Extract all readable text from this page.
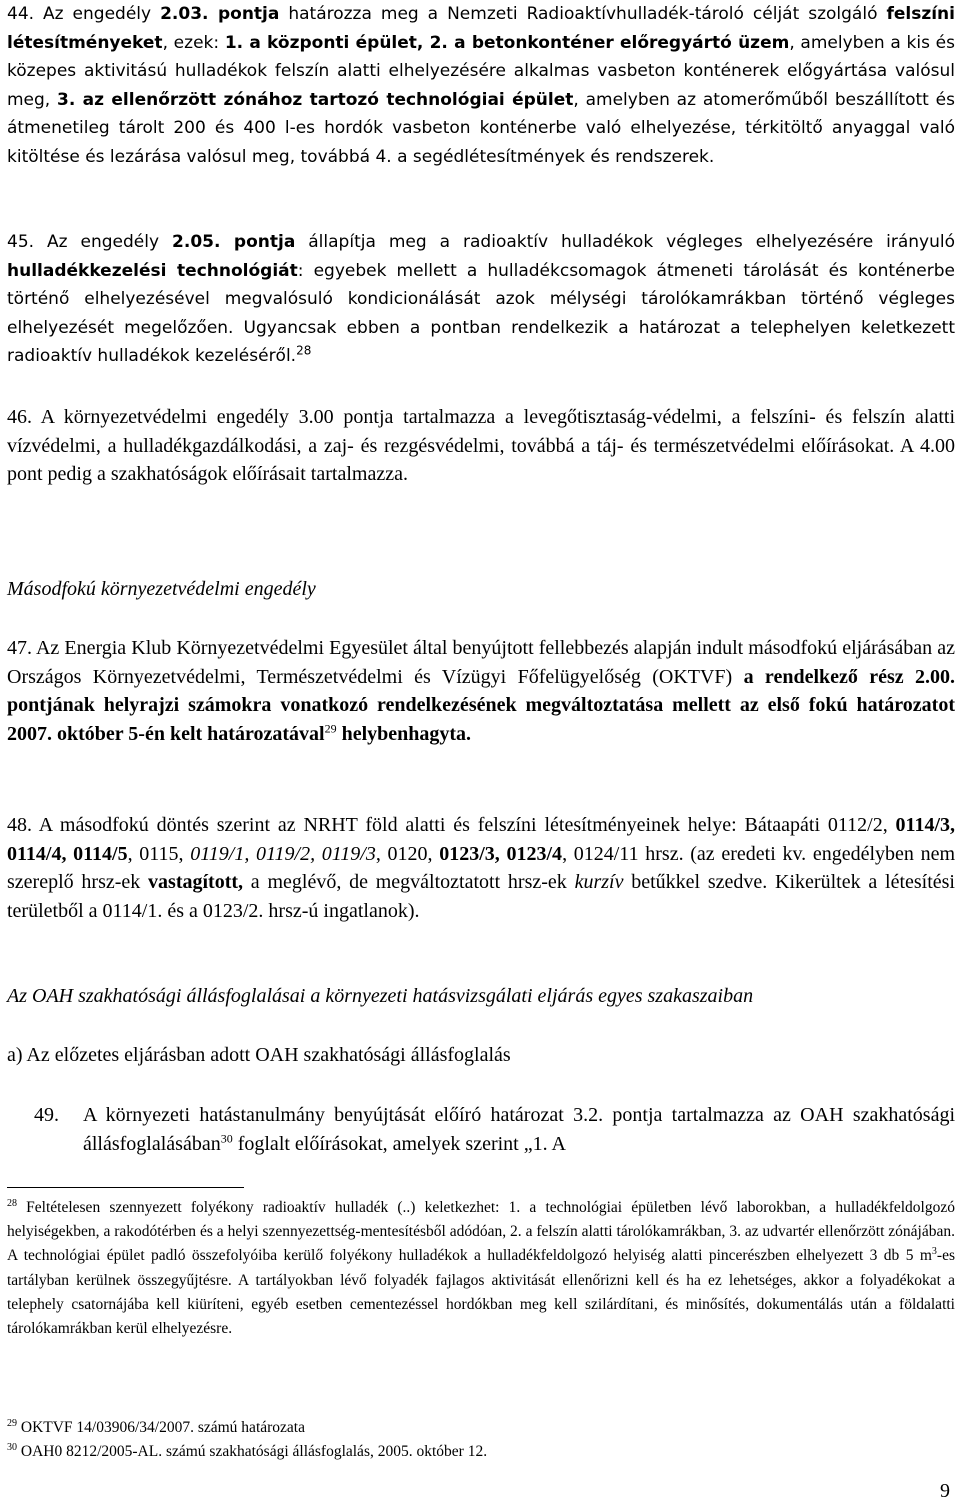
44. Az engedély 2.03. pontja határozza meg a Nemzeti Radioaktívhulladék-tároló célját szolgáló felszíni létesítményeket, ezek: 1. a központi épület, 2. a betonkonténer előregyártó üzem, amelyben a kis és közepes aktivitású hulladékok felszín alatti elhelyezésére alkalmas vasbeton konténerek előgyártása valósul meg, 3. az ellenőrzött zónához tartozó technológiai épület, amelyben az atomerőműből beszállított és átmenetileg tárolt 200 és 400 l-es hordók vasbeton konténerbe való elhelyezése, térkitöltő anyaggal való kitöltése és lezárása valósul meg, továbbá 4. a segédlétesítmények és rendszerek.

45. Az engedély 2.05. pontja állapítja meg a radioaktív hulladékok végleges elhelyezésére irányuló hulladékkezelési technológiát: egyebek mellett a hulladékcsomagok átmeneti tárolását és konténerbe történő elhelyezésével megvalósuló kondicionálását azok mélységi tárolókamrákban történő végleges elhelyezését megelőzően. Ugyancsak ebben a pontban rendelkezik a határozat a telephelyen keletkezett radioaktív hulladékok kezeléséről.$^{28}$

46. A környezetvédelmi engedély 3.00 pontja tartalmazza a levegőtisztaság-védelmi, a felszíni- és felszín alatti vízvédelmi, a hulladékgazdálkodási, a zaj- és rezgésvédelmi, továbbá a táj- és természetvédelmi előírásokat. A 4.00 pont pedig a szakhatóságok előírásait tartalmazza.

Másodfokú környezetvédelmi engedély

47. Az Energia Klub Környezetvédelmi Egyesület által benyújtott fellebbezés alapján indult másodfokú eljárásában az Országos Környezetvédelmi, Természetvédelmi és Vízügyi Főfelügyelőség (OKTVF) a rendelkező rész 2.00. pontjának helyrajzi számokra vonatkozó rendelkezésének megváltoztatása mellett az első fokú határozatot 2007. október 5-én kelt határozatával$^{29}$ helybenhagyta.

48. A másodfokú döntés szerint az NRHT föld alatti és felszíni létesítményeinek helye: Bátaapáti 0112/2, 0114/3, 0114/4, 0114/5, 0115, 0119/1, 0119/2, 0119/3, 0120, 0123/3, 0123/4, 0124/11 hrsz. (az eredeti kv. engedélyben nem szereplő hrsz-ek vastagított, a meglévő, de megváltoztatott hrsz-ek kurzív betűkkel szedve. Kikerültek a létesítési területből a 0114/1. és a 0123/2. hrsz-ú ingatlanok).

Az OAH szakhatósági állásfoglalásai a környezeti hatásvizsgálati eljárás egyes szakaszaiban
a) Az előzetes eljárásban adott OAH szakhatósági állásfoglalás
49. A környezeti hatástanulmány benyújtását előíró határozat 3.2. pontja tartalmazza az OAH szakhatósági állásfoglalásában$^{30}$ foglalt előírásokat, amelyek szerint „1. A
$^{28}$ Feltételesen szennyezett folyékony radioaktív hulladék (..) keletkezhet: 1. a technológiai épületben lévő laborokban, a hulladékfeldolgozó helyiségekben, a rakodótérben és a helyi szennyezettség-mentesítésből adódóan, 2. a felszín alatti tárolókamrákban, 3. az udvartér ellenőrzött zónájában. A technológiai épület padló összefolyóiba kerülő folyékony hulladékok a hulladékfeldolgozó helyiség alatti pincerészben elhelyezett 3 db 5 $m^3-es$ tartályban kerülnek összegyűjtésre. A tartályokban lévő folyadék fajlagos aktivitását ellenőrizni kell és ha ez lehetséges, akkor a folyadékokat a telephely csatornájába kell kiüríteni, egyéb esetben cementezéssel hordókban meg kell szilárdítani, és minősítés, dokumentálás után a földalatti tárolókamrákban kerül elhelyezésre.
$^{29}$ OKTVF 14/03906/34/2007. számú határozata
$^{30}$ OAH0 8212/2005-AL. számú szakhatósági állásfoglalás, 2005. október 12.
9
